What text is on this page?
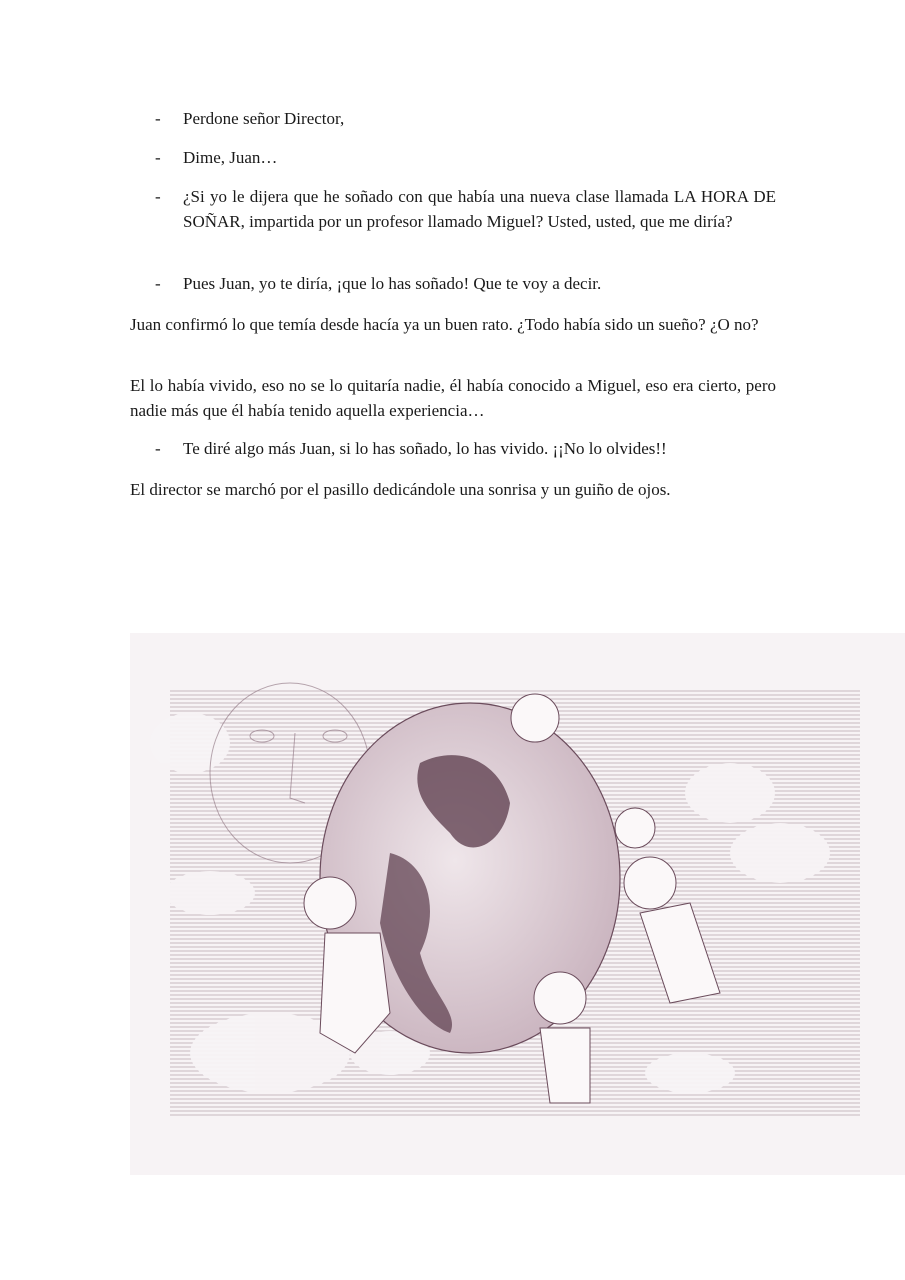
-	Perdone señor Director,
-	Dime, Juan…
-	¿Si yo le dijera que he soñado con que había una nueva clase llamada LA HORA DE SOÑAR, impartida por un profesor llamado Miguel? Usted, usted, que me diría?
-	Pues Juan, yo te diría, ¡que lo has soñado! Que te voy a decir.
Juan confirmó lo que temía desde hacía ya un buen rato. ¿Todo había sido un sueño? ¿O no?
El lo había vivido, eso no se lo quitaría nadie, él había conocido a Miguel, eso era cierto, pero nadie más que él había tenido aquella experiencia…
-	Te diré algo más Juan, si lo has soñado, lo has vivido. ¡¡No lo olvides!!
El director se marchó por el pasillo dedicándole una sonrisa y un guiño de ojos.
